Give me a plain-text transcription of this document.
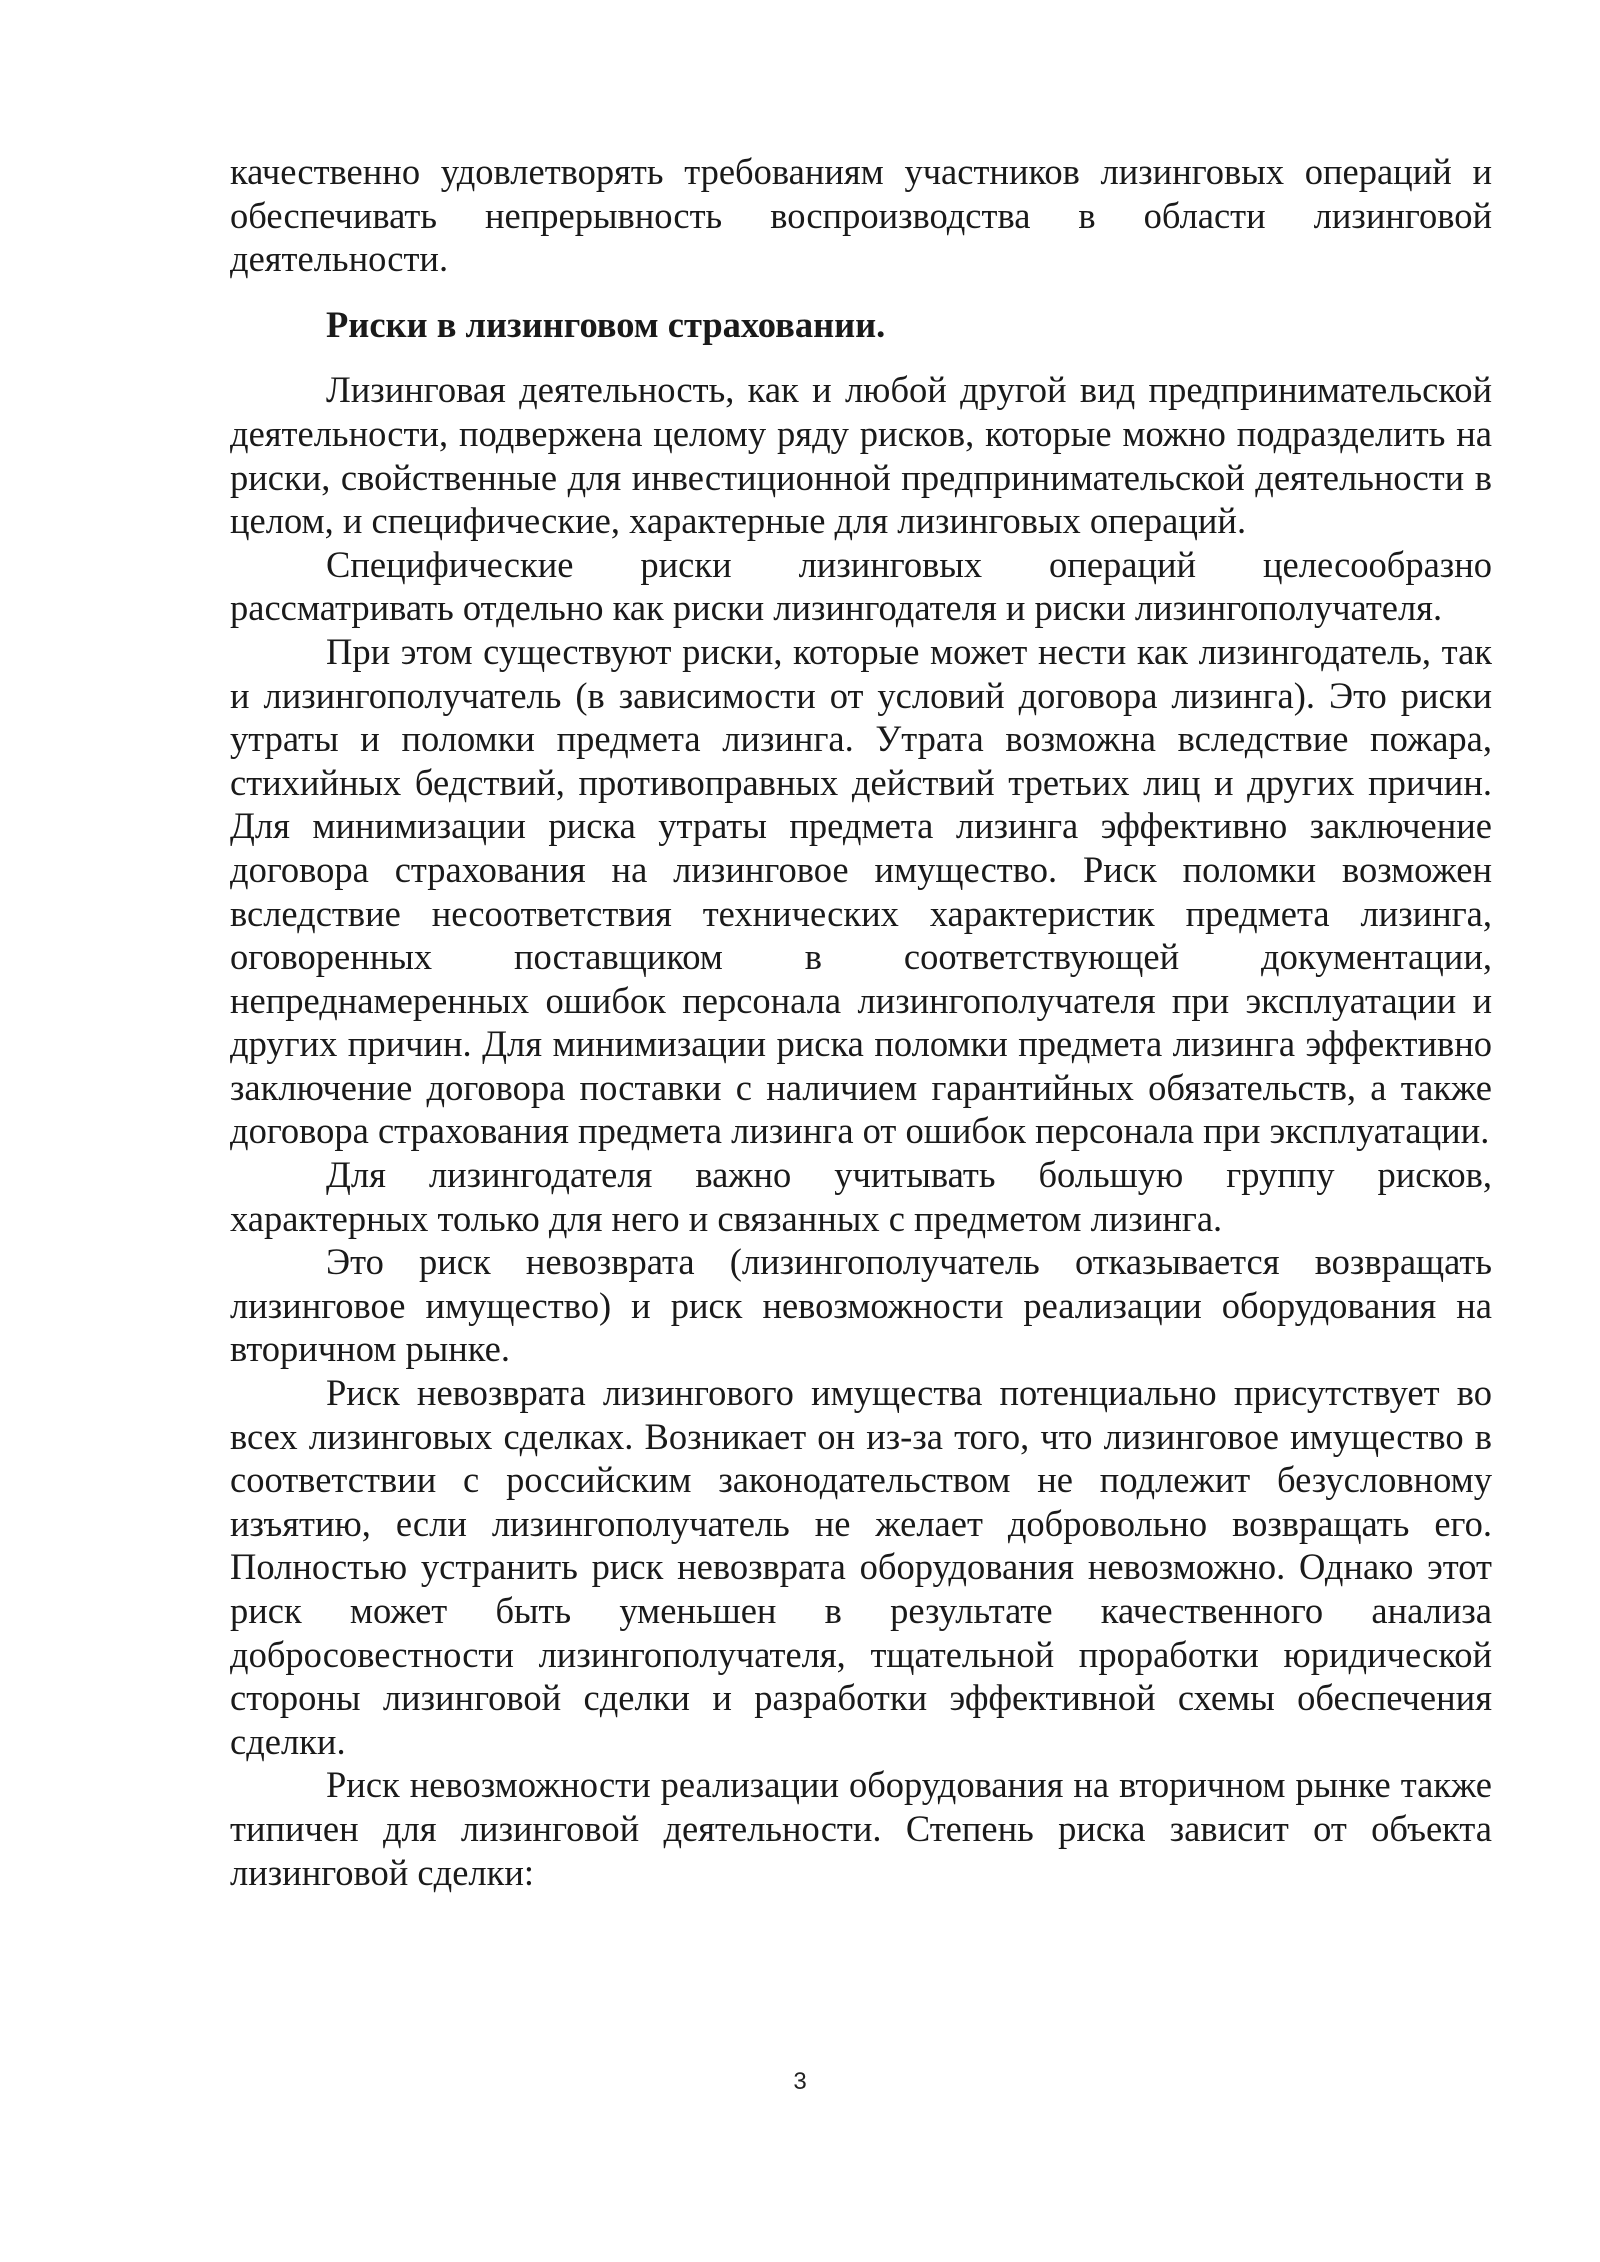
качественно удовлетворять требованиям участников лизинговых операций и обеспечивать непрерывность воспроизводства в области лизинговой деятельности.

Риски в лизинговом страховании.

Лизинговая деятельность, как и любой другой вид предпринимательской деятельности, подвержена целому ряду рисков, которые можно подразделить на риски, свойственные для инвестиционной предпринимательской деятельности в целом, и специфические, характерные для лизинговых операций.

Специфические риски лизинговых операций целесообразно рассматривать отдельно как риски лизингодателя и риски лизингополучателя.

При этом существуют риски, которые может нести как лизингодатель, так и лизингополучатель (в зависимости от условий договора лизинга). Это риски утраты и поломки предмета лизинга. Утрата возможна вследствие пожара, стихийных бедствий, противоправных действий третьих лиц и других причин. Для минимизации риска утраты предмета лизинга эффективно заключение договора страхования на лизинговое имущество. Риск поломки возможен вследствие несоответствия технических характеристик предмета лизинга, оговоренных поставщиком в соответствующей документации, непреднамеренных ошибок персонала лизингополучателя при эксплуатации и других причин. Для минимизации риска поломки предмета лизинга эффективно заключение договора поставки с наличием гарантийных обязательств, а также договора страхования предмета лизинга от ошибок персонала при эксплуатации.

Для лизингодателя важно учитывать большую группу рисков, характерных только для него и связанных с предметом лизинга.

Это риск невозврата (лизингополучатель отказывается возвращать лизинговое имущество) и риск невозможности реализации оборудования на вторичном рынке.

Риск невозврата лизингового имущества потенциально присутствует во всех лизинговых сделках. Возникает он из-за того, что лизинговое имущество в соответствии с российским законодательством не подлежит безусловному изъятию, если лизингополучатель не желает добровольно возвращать его. Полностью устранить риск невозврата оборудования невозможно. Однако этот риск может быть уменьшен в результате качественного анализа добросовестности лизингополучателя, тщательной проработки юридической стороны лизинговой сделки и разработки эффективной схемы обеспечения сделки.

Риск невозможности реализации оборудования на вторичном рынке также типичен для лизинговой деятельности. Степень риска зависит от объекта лизинговой сделки:

3
